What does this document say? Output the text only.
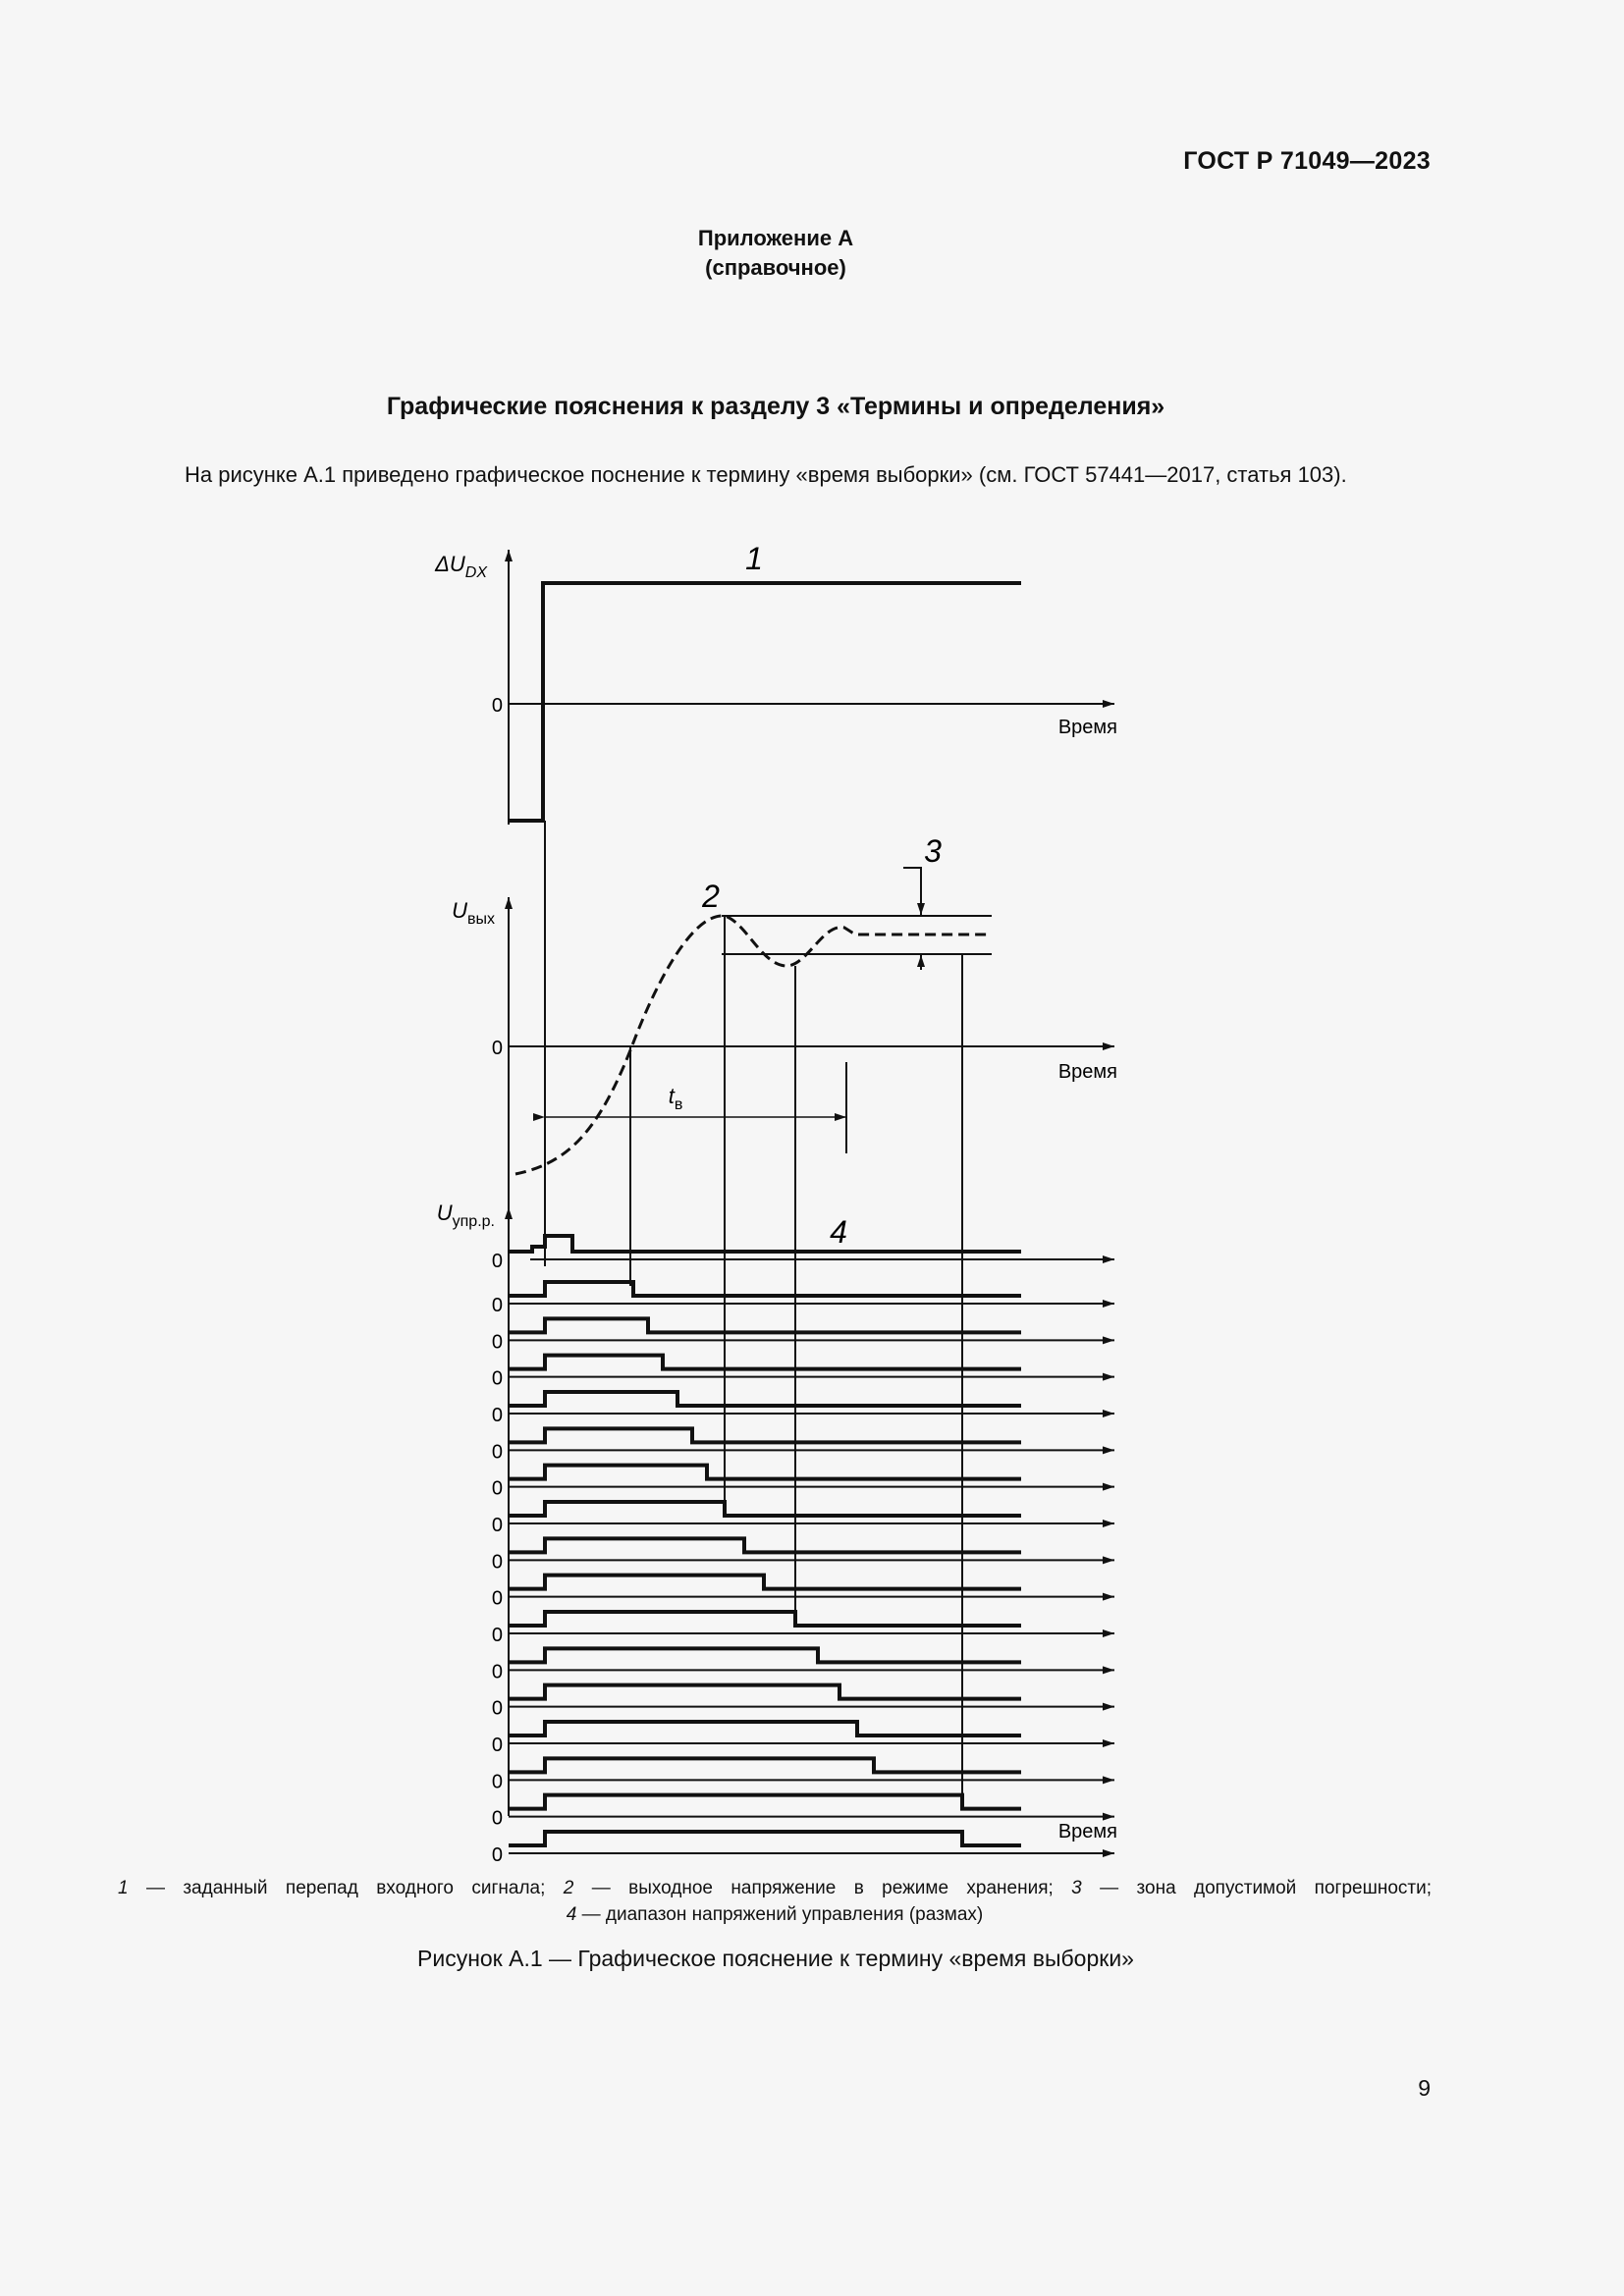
ГОСТ Р 71049—2023
Приложение А
(справочное)
Графические пояснения к разделу 3 «Термины и определения»
На рисунке А.1 приведено графическое поснение к термину «время выборки» (см. ГОСТ 57441—2017, статья 103).
$\Delta U_{DX}$
0
Время
1
$U_{вых}$
0
Время
3
2
$t_в$
$U_{упр.р.}$
Время
4
0
0
0
0
0
0
0
0
0
0
0
0
0
0
0
0
0
1 — заданный перепад входного сигнала; 2 — выходное напряжение в режиме хранения; 3 — зона допустимой погрешности;
4 — диапазон напряжений управления (размах)
Рисунок А.1 — Графическое пояснение к термину «время выборки»
9
